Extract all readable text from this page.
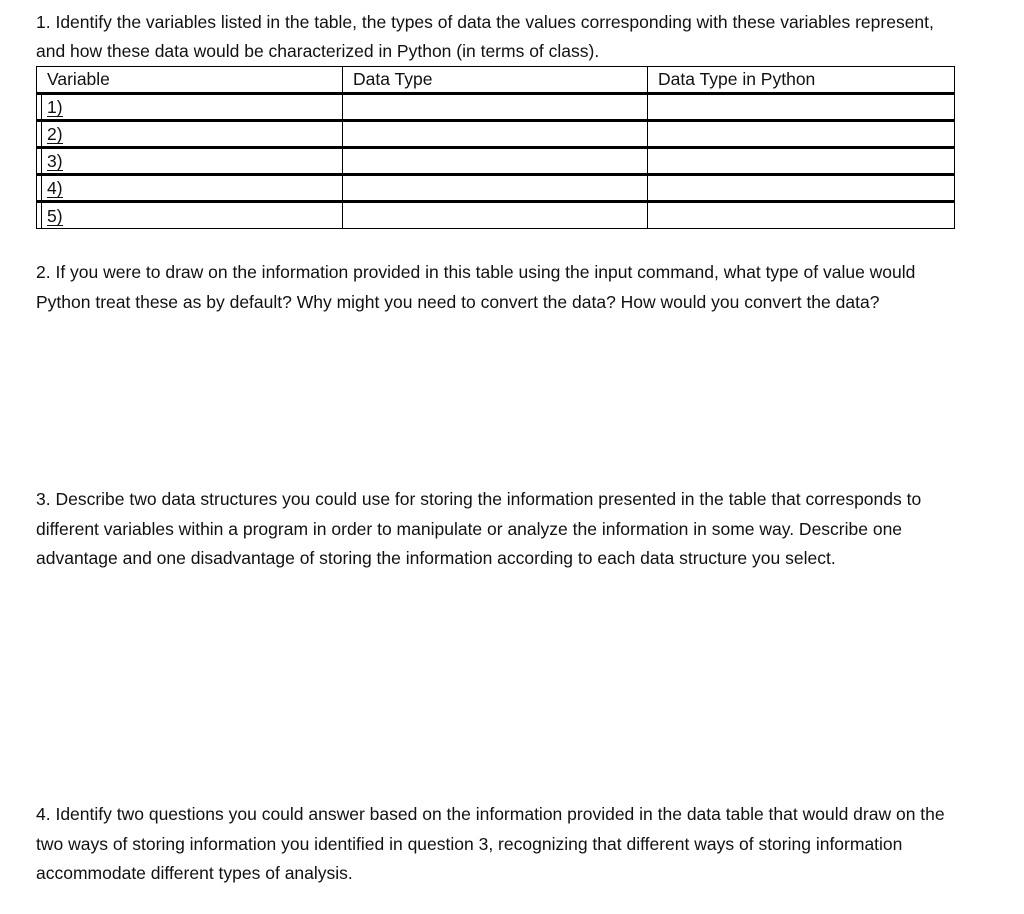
1. Identify the variables listed in the table, the types of data the values corresponding with these variables represent, and how these data would be characterized in Python (in terms of class).

Variable	Data Type	Data Type in Python
1)		
2)		
3)		
4)		
5)		

2. If you were to draw on the information provided in this table using the input command, what type of value would Python treat these as by default? Why might you need to convert the data? How would you convert the data?

3. Describe two data structures you could use for storing the information presented in the table that corresponds to different variables within a program in order to manipulate or analyze the information in some way. Describe one advantage and one disadvantage of storing the information according to each data structure you select.

4. Identify two questions you could answer based on the information provided in the data table that would draw on the two ways of storing information you identified in question 3, recognizing that different ways of storing information accommodate different types of analysis.
